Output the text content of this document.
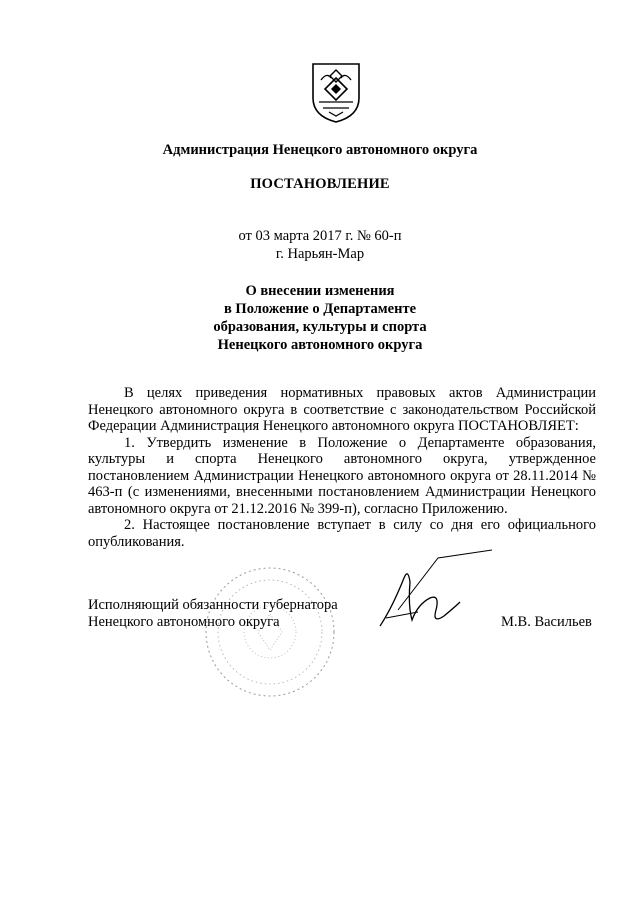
Администрация Ненецкого автономного округа
ПОСТАНОВЛЕНИЕ
от 03 марта 2017 г. № 60-п
г. Нарьян-Мар
О внесении изменения
в Положение о Департаменте
образования, культуры и спорта
Ненецкого автономного округа

В целях приведения нормативных правовых актов Администрации Ненецкого автономного округа в соответствие с законодательством Российской Федерации Администрация Ненецкого автономного округа ПОСТАНОВЛЯЕТ:

1. Утвердить изменение в Положение о Департаменте образования, культуры и спорта Ненецкого автономного округа, утвержденное постановлением Администрации Ненецкого автономного округа от 28.11.2014 № 463-п (с изменениями, внесенными постановлением Администрации Ненецкого автономного округа от 21.12.2016 № 399-п), согласно Приложению.

2. Настоящее постановление вступает в силу со дня его официального опубликования.

Исполняющий обязанности губернатора
Ненецкого автономного округа	М.В. Васильев
